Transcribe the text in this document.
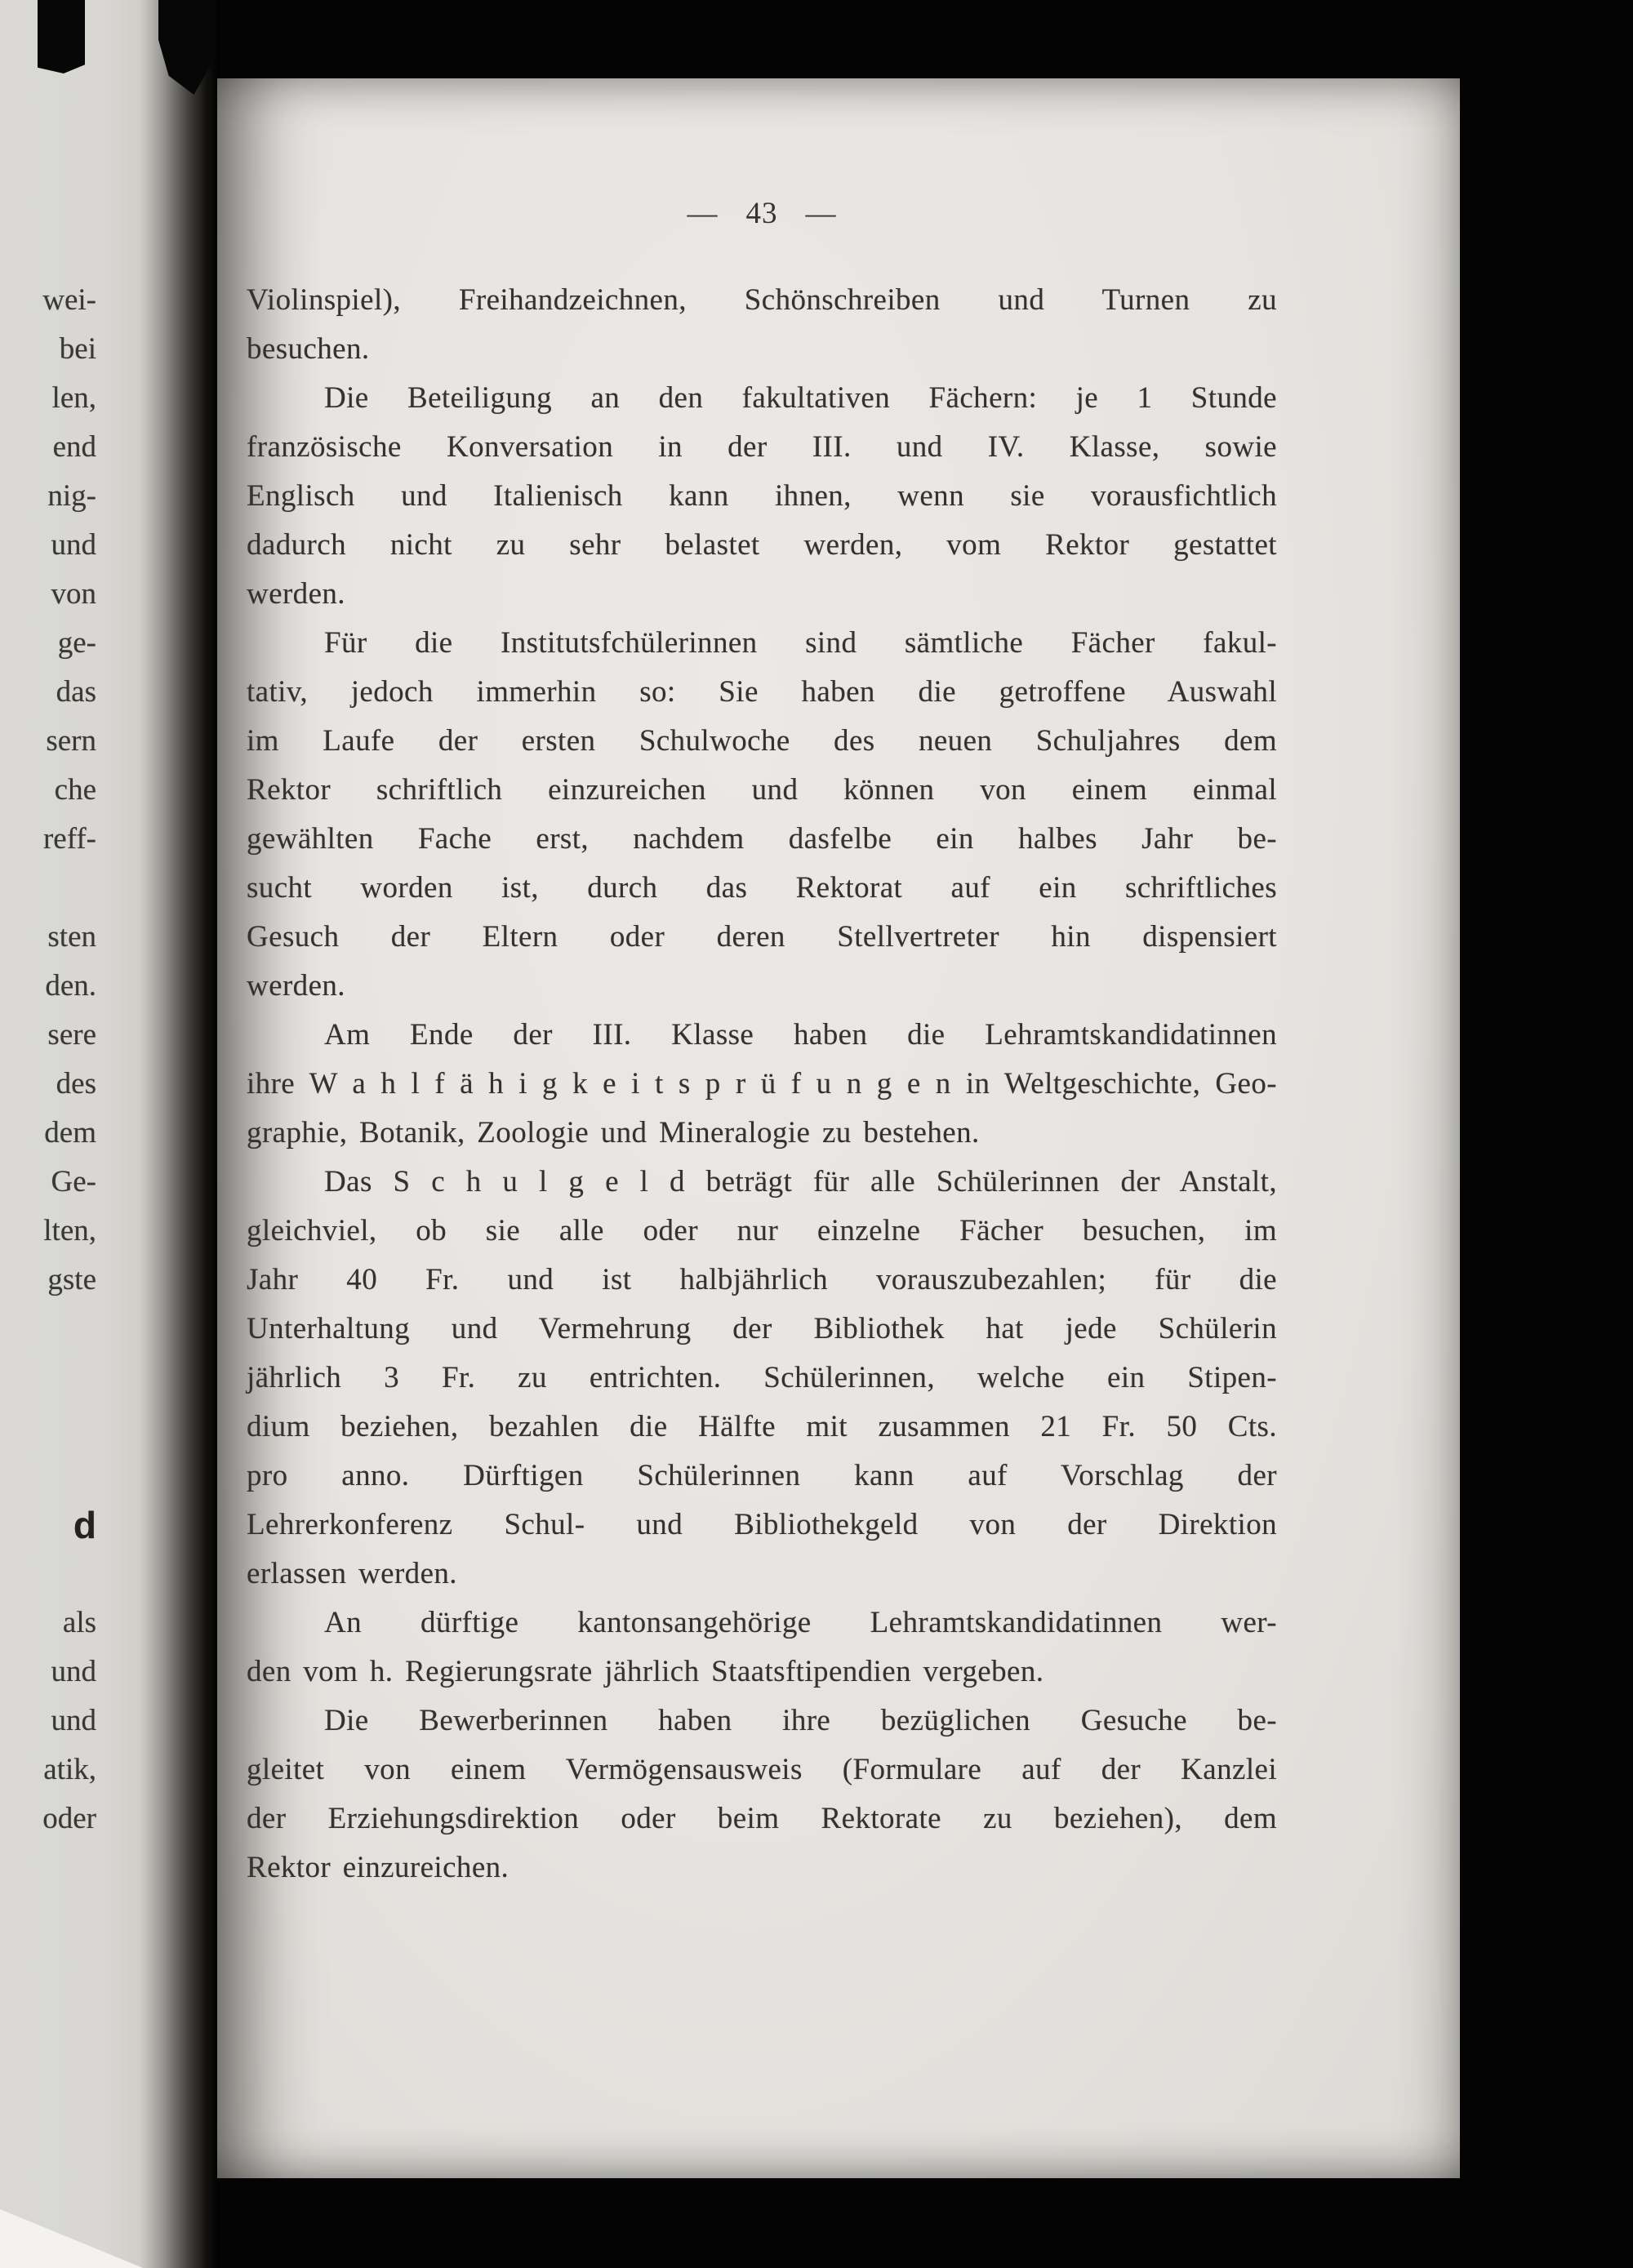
wei-
bei
len,
end
nig-
und
von
ge-
das
sern
che
reff-
sten
den.
sere
des
dem
Ge-
lten,
gste
d
als
und
und
atik,
oder
— 43 —
Violinspiel), Freihandzeichnen, Schönschreiben und Turnen zu
besuchen.
Die Beteiligung an den fakultativen Fächern: je 1 Stunde
französische Konversation in der III. und IV. Klasse, sowie
Englisch und Italienisch kann ihnen, wenn sie vorausfichtlich
dadurch nicht zu sehr belastet werden, vom Rektor gestattet
werden.
Für die Institutsfchülerinnen sind sämtliche Fächer fakul-
tativ, jedoch immerhin so: Sie haben die getroffene Auswahl
im Laufe der ersten Schulwoche des neuen Schuljahres dem
Rektor schriftlich einzureichen und können von einem einmal
gewählten Fache erst, nachdem dasfelbe ein halbes Jahr be-
sucht worden ist, durch das Rektorat auf ein schriftliches
Gesuch der Eltern oder deren Stellvertreter hin dispensiert
werden.
Am Ende der III. Klasse haben die Lehramtskandidatinnen
ihre W a h l f ä h i g k e i t s p r ü f u n g e n in Weltgeschichte, Geo-
graphie, Botanik, Zoologie und Mineralogie zu bestehen.
Das S c h u l g e l d beträgt für alle Schülerinnen der Anstalt,
gleichviel, ob sie alle oder nur einzelne Fächer besuchen, im
Jahr 40 Fr. und ist halbjährlich vorauszubezahlen; für die
Unterhaltung und Vermehrung der Bibliothek hat jede Schülerin
jährlich 3 Fr. zu entrichten. Schülerinnen, welche ein Stipen-
dium beziehen, bezahlen die Hälfte mit zusammen 21 Fr. 50 Cts.
pro anno. Dürftigen Schülerinnen kann auf Vorschlag der
Lehrerkonferenz Schul- und Bibliothekgeld von der Direktion
erlassen werden.
An dürftige kantonsangehörige Lehramtskandidatinnen wer-
den vom h. Regierungsrate jährlich Staatsftipendien vergeben.
Die Bewerberinnen haben ihre bezüglichen Gesuche be-
gleitet von einem Vermögensausweis (Formulare auf der Kanzlei
der Erziehungsdirektion oder beim Rektorate zu beziehen), dem
Rektor einzureichen.
